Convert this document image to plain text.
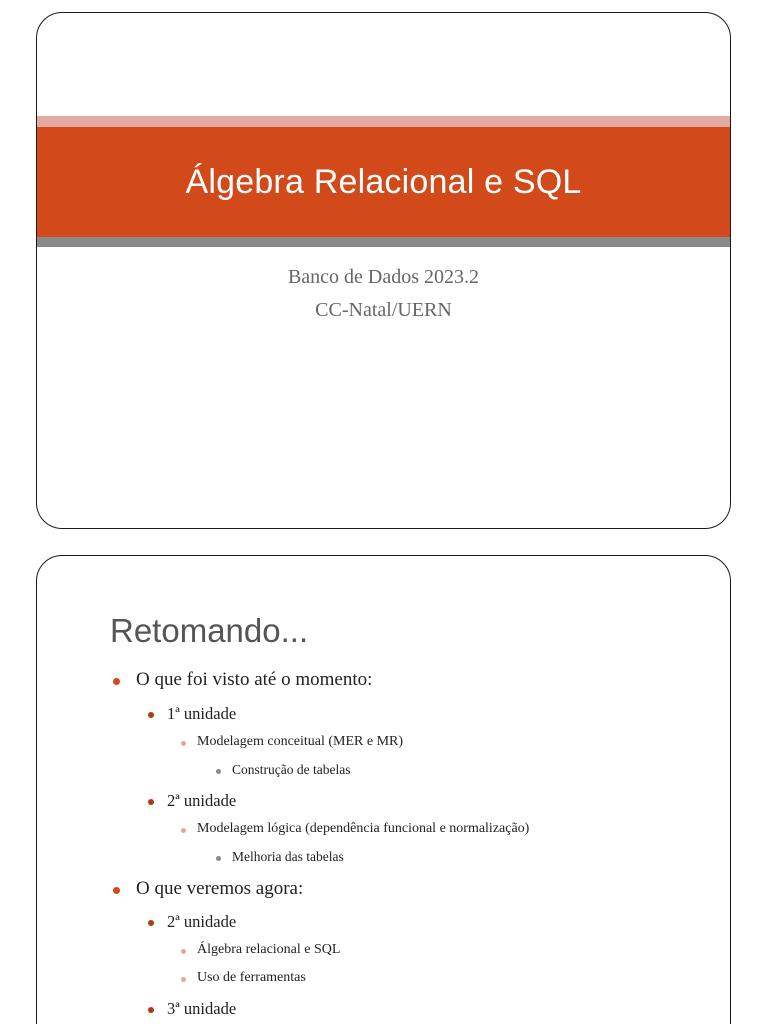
Álgebra Relacional e SQL
Banco de Dados 2023.2
CC-Natal/UERN
Retomando...
O que foi visto até o momento:
1ª unidade
Modelagem conceitual (MER e MR)
Construção de tabelas
2ª unidade
Modelagem lógica (dependência funcional e normalização)
Melhoria das tabelas
O que veremos agora:
2ª unidade
Álgebra relacional e SQL
Uso de ferramentas
3ª unidade
